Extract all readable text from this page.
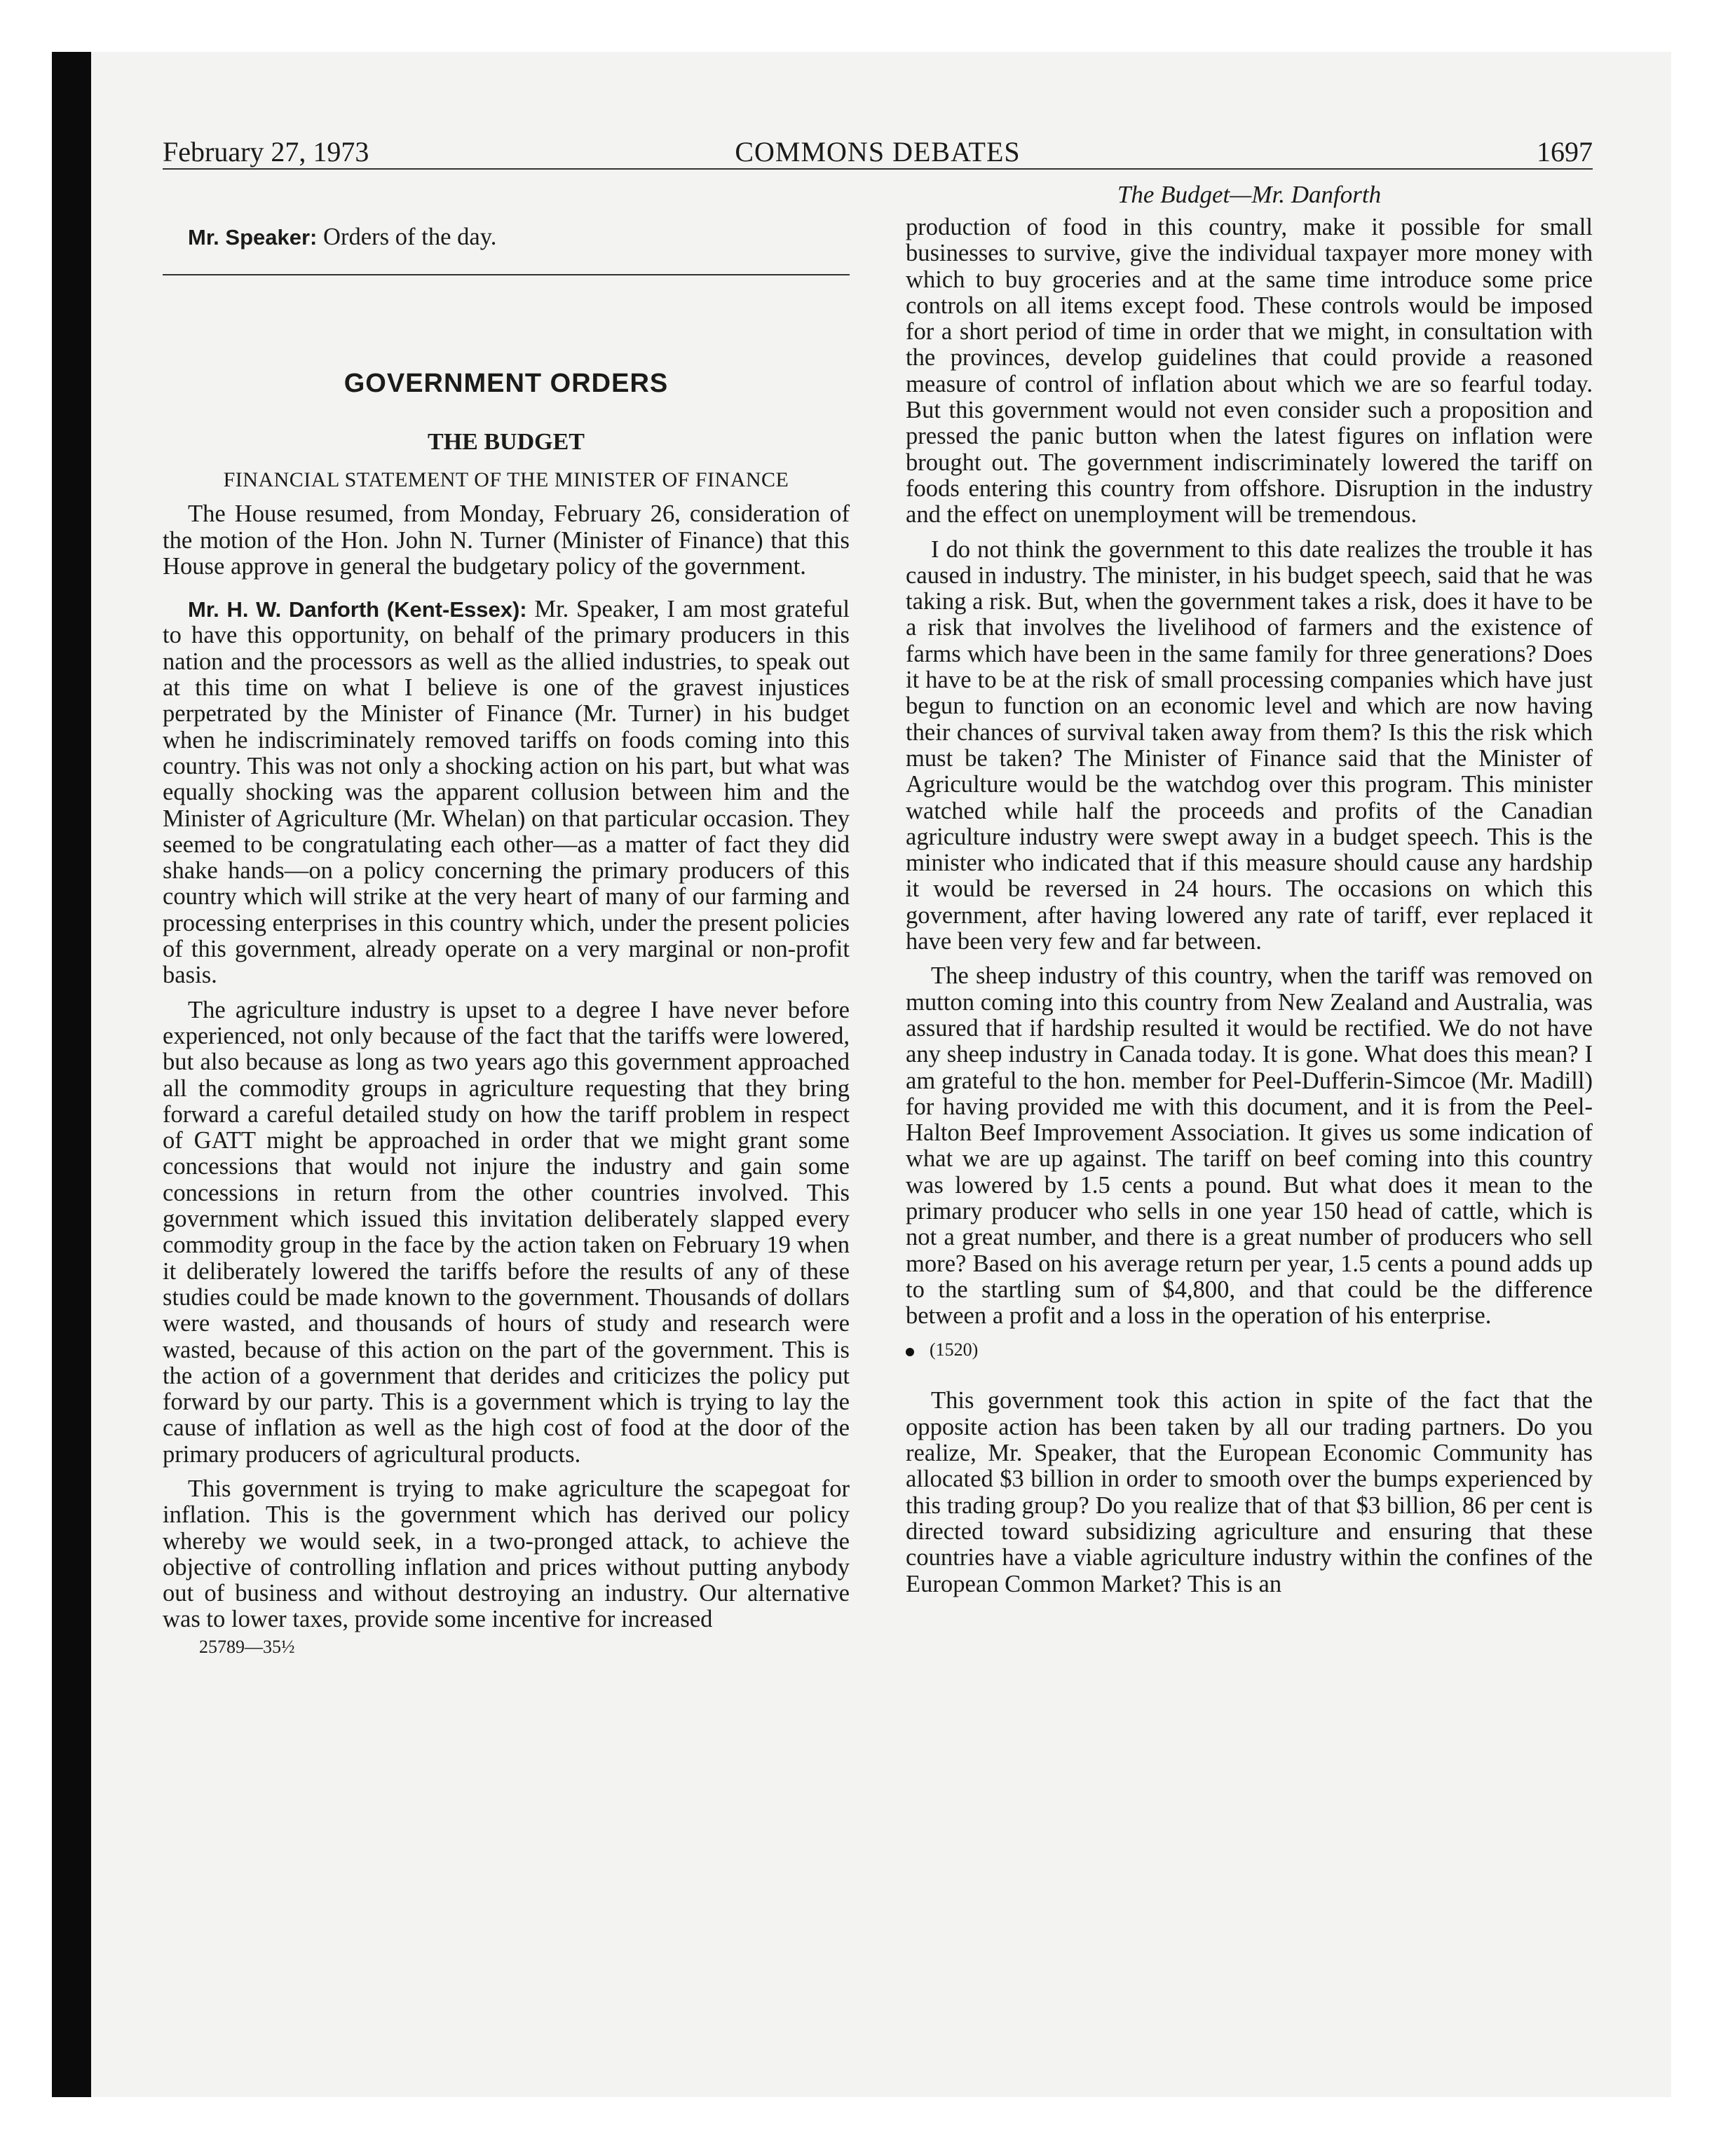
February 27, 1973	COMMONS DEBATES	1697

Mr. Speaker: Orders of the day.

GOVERNMENT ORDERS
THE BUDGET
FINANCIAL STATEMENT OF THE MINISTER OF FINANCE

The House resumed, from Monday, February 26, consideration of the motion of the Hon. John N. Turner (Minister of Finance) that this House approve in general the budgetary policy of the government.

Mr. H. W. Danforth (Kent-Essex): Mr. Speaker, I am most grateful to have this opportunity, on behalf of the primary producers in this nation and the processors as well as the allied industries, to speak out at this time on what I believe is one of the gravest injustices perpetrated by the Minister of Finance (Mr. Turner) in his budget when he indiscriminately removed tariffs on foods coming into this country. This was not only a shocking action on his part, but what was equally shocking was the apparent collusion between him and the Minister of Agriculture (Mr. Whelan) on that particular occasion. They seemed to be congratulating each other—as a matter of fact they did shake hands—on a policy concerning the primary producers of this country which will strike at the very heart of many of our farming and processing enterprises in this country which, under the present policies of this government, already operate on a very marginal or non-profit basis.

The agriculture industry is upset to a degree I have never before experienced, not only because of the fact that the tariffs were lowered, but also because as long as two years ago this government approached all the commodity groups in agriculture requesting that they bring forward a careful detailed study on how the tariff problem in respect of GATT might be approached in order that we might grant some concessions that would not injure the industry and gain some concessions in return from the other countries involved. This government which issued this invitation deliberately slapped every commodity group in the face by the action taken on February 19 when it deliberately lowered the tariffs before the results of any of these studies could be made known to the government. Thousands of dollars were wasted, and thousands of hours of study and research were wasted, because of this action on the part of the government. This is the action of a government that derides and criticizes the policy put forward by our party. This is a government which is trying to lay the cause of inflation as well as the high cost of food at the door of the primary producers of agricultural products.

This government is trying to make agriculture the scapegoat for inflation. This is the government which has derived our policy whereby we would seek, in a two-pronged attack, to achieve the objective of controlling inflation and prices without putting anybody out of business and without destroying an industry. Our alternative was to lower taxes, provide some incentive for increased

25789—35½
The Budget—Mr. Danforth

production of food in this country, make it possible for small businesses to survive, give the individual taxpayer more money with which to buy groceries and at the same time introduce some price controls on all items except food. These controls would be imposed for a short period of time in order that we might, in consultation with the provinces, develop guidelines that could provide a reasoned measure of control of inflation about which we are so fearful today. But this government would not even consider such a proposition and pressed the panic button when the latest figures on inflation were brought out. The government indiscriminately lowered the tariff on foods entering this country from offshore. Disruption in the industry and the effect on unemployment will be tremendous.

I do not think the government to this date realizes the trouble it has caused in industry. The minister, in his budget speech, said that he was taking a risk. But, when the government takes a risk, does it have to be a risk that involves the livelihood of farmers and the existence of farms which have been in the same family for three generations? Does it have to be at the risk of small processing companies which have just begun to function on an economic level and which are now having their chances of survival taken away from them? Is this the risk which must be taken? The Minister of Finance said that the Minister of Agriculture would be the watchdog over this program. This minister watched while half the proceeds and profits of the Canadian agriculture industry were swept away in a budget speech. This is the minister who indicated that if this measure should cause any hardship it would be reversed in 24 hours. The occasions on which this government, after having lowered any rate of tariff, ever replaced it have been very few and far between.

The sheep industry of this country, when the tariff was removed on mutton coming into this country from New Zealand and Australia, was assured that if hardship resulted it would be rectified. We do not have any sheep industry in Canada today. It is gone. What does this mean? I am grateful to the hon. member for Peel-Dufferin-Simcoe (Mr. Madill) for having provided me with this document, and it is from the Peel-Halton Beef Improvement Association. It gives us some indication of what we are up against. The tariff on beef coming into this country was lowered by 1.5 cents a pound. But what does it mean to the primary producer who sells in one year 150 head of cattle, which is not a great number, and there is a great number of producers who sell more? Based on his average return per year, 1.5 cents a pound adds up to the startling sum of $4,800, and that could be the difference between a profit and a loss in the operation of his enterprise.

(1520)

This government took this action in spite of the fact that the opposite action has been taken by all our trading partners. Do you realize, Mr. Speaker, that the European Economic Community has allocated $3 billion in order to smooth over the bumps experienced by this trading group? Do you realize that of that $3 billion, 86 per cent is directed toward subsidizing agriculture and ensuring that these countries have a viable agriculture industry within the confines of the European Common Market? This is an
